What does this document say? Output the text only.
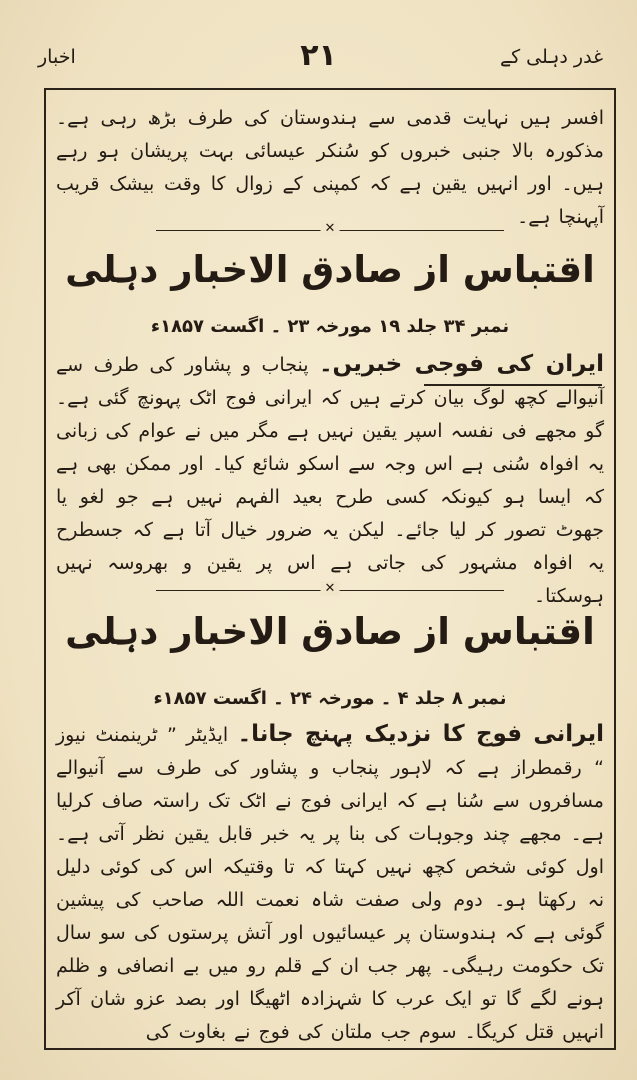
اخبار	۲۱	غدر دہلی کے
افسر ہیں نہایت قدمی سے ہندوستان کی طرف بڑھ رہی ہے۔ مذکورہ بالا جنبی خبروں کو سُنکر عیسائی بہت پریشان ہو رہے ہیں۔ اور انہیں یقین ہے کہ کمپنی کے زوال کا وقت بیشک قریب آپہنچا ہے۔
✕
اقتباس از صادق الاخبار دہلی
نمبر ۳۴ جلد ۱۹ مورخہ ۲۳ ۔ اگست ۱۸۵۷ء
ایران کی فوجی خبریں۔ پنجاب و پشاور کی طرف سے آنیوالے کچھ لوگ بیان کرتے ہیں کہ ایرانی فوج اٹک پہونچ گئی ہے۔ گو مجھے فی نفسہ اسپر یقین نہیں ہے مگر میں نے عوام کی زبانی یہ افواہ سُنی ہے اس وجہ سے اسکو شائع کیا۔ اور ممکن بھی ہے کہ ایسا ہو کیونکہ کسی طرح بعید الفہم نہیں ہے جو لغو یا جھوٹ تصور کر لیا جائے۔ لیکن یہ ضرور خیال آتا ہے کہ جسطرح یہ افواہ مشہور کی جاتی ہے اس پر یقین و بھروسہ نہیں ہوسکتا۔
✕
اقتباس از صادق الاخبار دہلی
نمبر ۸ جلد ۴ ۔ مورخہ ۲۴ ۔ اگست ۱۸۵۷ء
ایرانی فوج کا نزدیک پہنچ جانا۔ ایڈیٹر ” ٹرینمنٹ نیوز “ رقمطراز ہے کہ لاہور پنجاب و پشاور کی طرف سے آنیوالے مسافروں سے سُنا ہے کہ ایرانی فوج نے اٹک تک راستہ صاف کرلیا ہے۔ مجھے چند وجوہات کی بنا پر یہ خبر قابل یقین نظر آتی ہے۔ اول کوئی شخص کچھ نہیں کہتا کہ تا وقتیکہ اس کی کوئی دلیل نہ رکھتا ہو۔ دوم ولی صفت شاہ نعمت اللہ صاحب کی پیشین گوئی ہے کہ ہندوستان پر عیسائیوں اور آتش پرستوں کی سو سال تک حکومت رہیگی۔ پھر جب ان کے قلم رو میں بے انصافی و ظلم ہونے لگے گا تو ایک عرب کا شہزادہ اٹھیگا اور بصد عزو شان آکر انہیں قتل کریگا۔ سوم جب ملتان کی فوج نے بغاوت کی
